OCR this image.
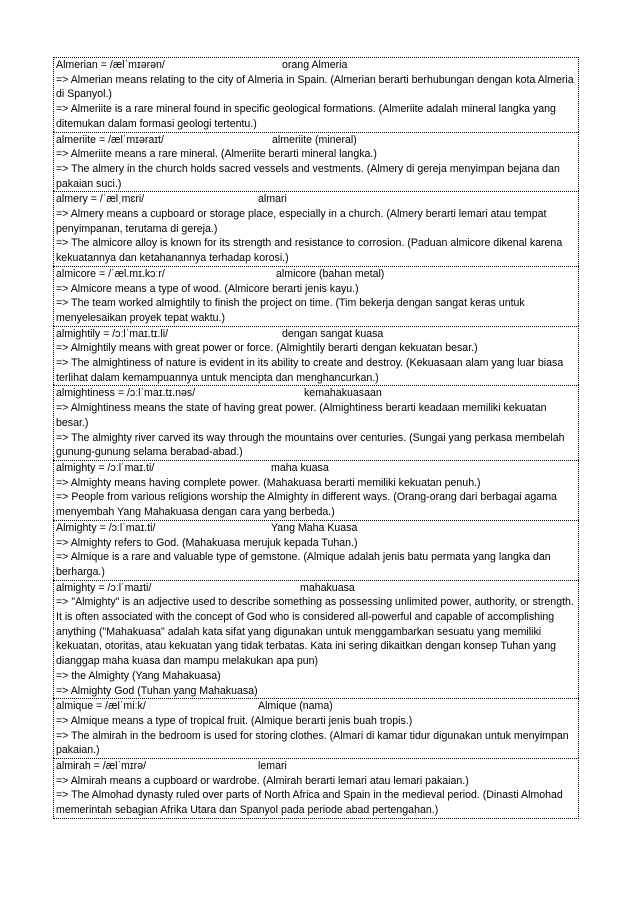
Almerian = /ælˈmɪərən/	orang Almeria
=> Almerian means relating to the city of Almeria in Spain. (Almerian berarti berhubungan dengan kota Almeria di Spanyol.)
=> Almeriite is a rare mineral found in specific geological formations. (Almeriite adalah mineral langka yang ditemukan dalam formasi geologi tertentu.)
almeriite = /ælˈmɪəraɪt/	almeriite (mineral)
=> Almeriite means a rare mineral. (Almeriite berarti mineral langka.)
=> The almery in the church holds sacred vessels and vestments. (Almery di gereja menyimpan bejana dan pakaian suci.)
almery = /ˈælˌmɛri/	almari
=> Almery means a cupboard or storage place, especially in a church. (Almery berarti lemari atau tempat penyimpanan, terutama di gereja.)
=> The almicore alloy is known for its strength and resistance to corrosion. (Paduan almicore dikenal karena kekuatannya dan ketahanannya terhadap korosi.)
almicore = /ˈæl.mɪ.kɔːr/	almicore (bahan metal)
=> Almicore means a type of wood. (Almicore berarti jenis kayu.)
=> The team worked almightily to finish the project on time. (Tim bekerja dengan sangat keras untuk menyelesaikan proyek tepat waktu.)
almightily = /ɔːlˈmaɪ.tɪ.li/	dengan sangat kuasa
=> Almightily means with great power or force. (Almightily berarti dengan kekuatan besar.)
=> The almightiness of nature is evident in its ability to create and destroy. (Kekuasaan alam yang luar biasa terlihat dalam kemampuannya untuk mencipta dan menghancurkan.)
almightiness = /ɔːlˈmaɪ.tɪ.nəs/	kemahakuasaan
=> Almightiness means the state of having great power. (Almightiness berarti keadaan memiliki kekuatan besar.)
=> The almighty river carved its way through the mountains over centuries. (Sungai yang perkasa membelah gunung-gunung selama berabad-abad.)
almighty = /ɔːlˈmaɪ.ti/	maha kuasa
=> Almighty means having complete power. (Mahakuasa berarti memiliki kekuatan penuh.)
=> People from various religions worship the Almighty in different ways. (Orang-orang dari berbagai agama menyembah Yang Mahakuasa dengan cara yang berbeda.)
Almighty = /ɔːlˈmaɪ.ti/	Yang Maha Kuasa
=> Almighty refers to God. (Mahakuasa merujuk kepada Tuhan.)
=> Almique is a rare and valuable type of gemstone. (Almique adalah jenis batu permata yang langka dan berharga.)
almighty = /ɔːlˈmaɪti/	mahakuasa
=> "Almighty" is an adjective used to describe something as possessing unlimited power, authority, or strength. It is often associated with the concept of God who is considered all-powerful and capable of accomplishing anything ("Mahakuasa" adalah kata sifat yang digunakan untuk menggambarkan sesuatu yang memiliki kekuatan, otoritas, atau kekuatan yang tidak terbatas. Kata ini sering dikaitkan dengan konsep Tuhan yang dianggap maha kuasa dan mampu melakukan apa pun)
=> the Almighty (Yang Mahakuasa)
=> Almighty God (Tuhan yang Mahakuasa)
almique = /ælˈmiːk/	Almique (nama)
=> Almique means a type of tropical fruit. (Almique berarti jenis buah tropis.)
=> The almirah in the bedroom is used for storing clothes. (Almari di kamar tidur digunakan untuk menyimpan pakaian.)
almirah = /ælˈmɪrə/	lemari
=> Almirah means a cupboard or wardrobe. (Almirah berarti lemari atau lemari pakaian.)
=> The Almohad dynasty ruled over parts of North Africa and Spain in the medieval period. (Dinasti Almohad memerintah sebagian Afrika Utara dan Spanyol pada periode abad pertengahan.)
